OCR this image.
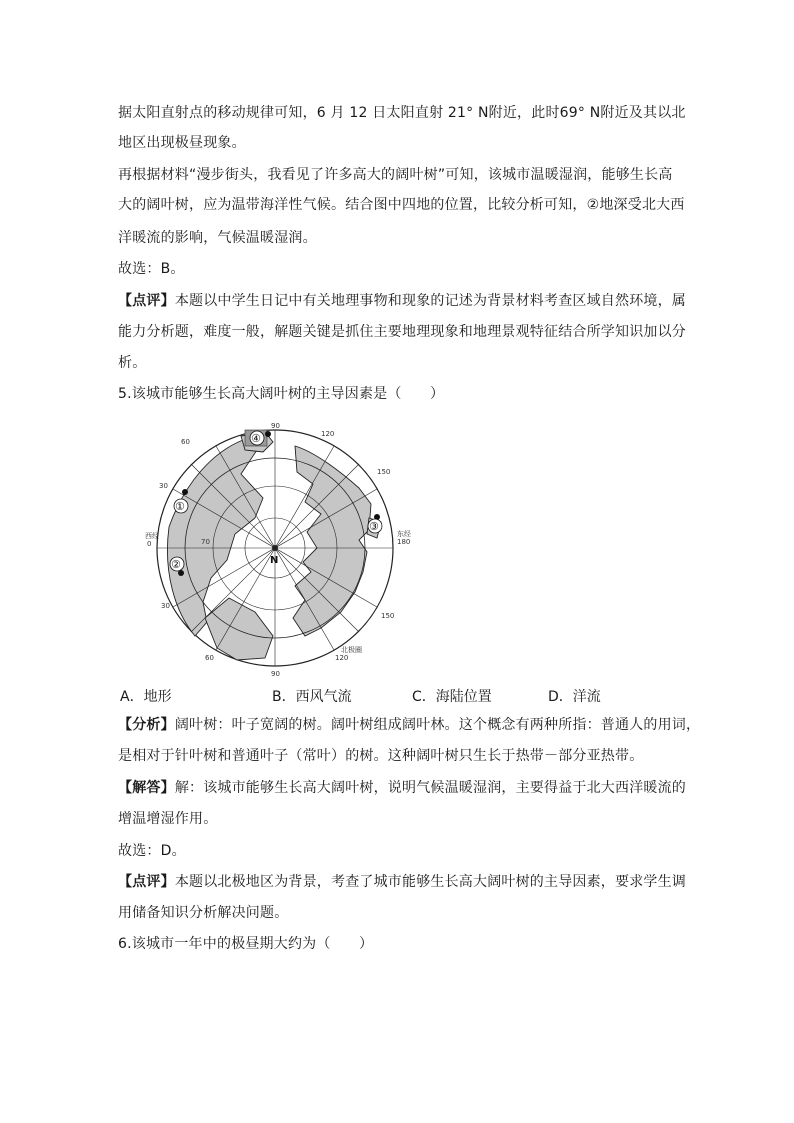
据太阳直射点的移动规律可知，6 月 12 日太阳直射 21° N附近，此时69° N附近及其以北
地区出现极昼现象。
再根据材料“漫步街头，我看见了许多高大的阔叶树”可知，该城市温暖湿润，能够生长高
大的阔叶树，应为温带海洋性气候。结合图中四地的位置，比较分析可知，②地深受北大西
洋暖流的影响，气候温暖湿润。
故选：B。
【点评】本题以中学生日记中有关地理事物和现象的记述为背景材料考查区域自然环境，属
能力分析题，难度一般，解题关键是抓住主要地理现象和地理景观特征结合所学知识加以分
析。
5.该城市能够生长高大阔叶树的主导因素是（　　）
N
60
90
120
150
180
150
120
90
60
30
0
30
70
西经	东经
北极圈
①
②
③
④
A．地形	B．西风气流	C．海陆位置	D．洋流
【分析】阔叶树：叶子宽阔的树。阔叶树组成阔叶林。这个概念有两种所指：普通人的用词，
是相对于针叶树和普通叶子（常叶）的树。这种阔叶树只生长于热带－部分亚热带。
【解答】解：该城市能够生长高大阔叶树，说明气候温暖湿润，主要得益于北大西洋暖流的
增温增湿作用。
故选：D。
【点评】本题以北极地区为背景，考查了城市能够生长高大阔叶树的主导因素，要求学生调
用储备知识分析解决问题。
6.该城市一年中的极昼期大约为（　　）
